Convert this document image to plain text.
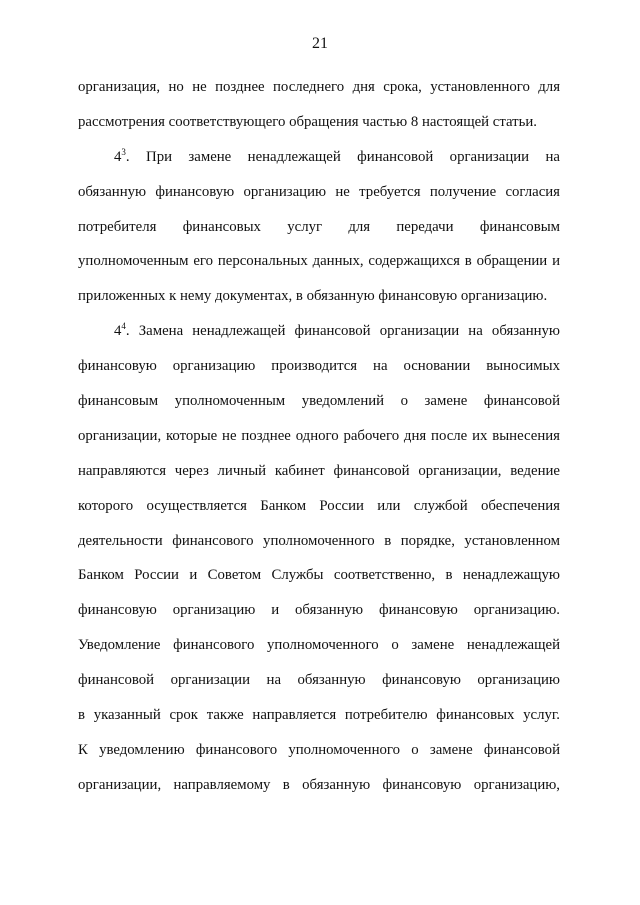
21
организация, но не позднее последнего дня срока, установленного для
рассмотрения соответствующего обращения частью 8 настоящей статьи.
$4^3$. При замене ненадлежащей финансовой организации на
обязанную финансовую организацию не требуется получение согласия
потребителя финансовых услуг для передачи финансовым
уполномоченным его персональных данных, содержащихся в обращении и
приложенных к нему документах, в обязанную финансовую организацию.
$4^4$. Замена ненадлежащей финансовой организации на обязанную
финансовую организацию производится на основании выносимых
финансовым уполномоченным уведомлений о замене финансовой
организации, которые не позднее одного рабочего дня после их вынесения
направляются через личный кабинет финансовой организации, ведение
которого осуществляется Банком России или службой обеспечения
деятельности финансового уполномоченного в порядке, установленном
Банком России и Советом Службы соответственно, в ненадлежащую
финансовую организацию и обязанную финансовую организацию.
Уведомление финансового уполномоченного о замене ненадлежащей
финансовой организации на обязанную финансовую организацию
в указанный срок также направляется потребителю финансовых услуг.
К уведомлению финансового уполномоченного о замене финансовой
организации, направляемому в обязанную финансовую организацию,
